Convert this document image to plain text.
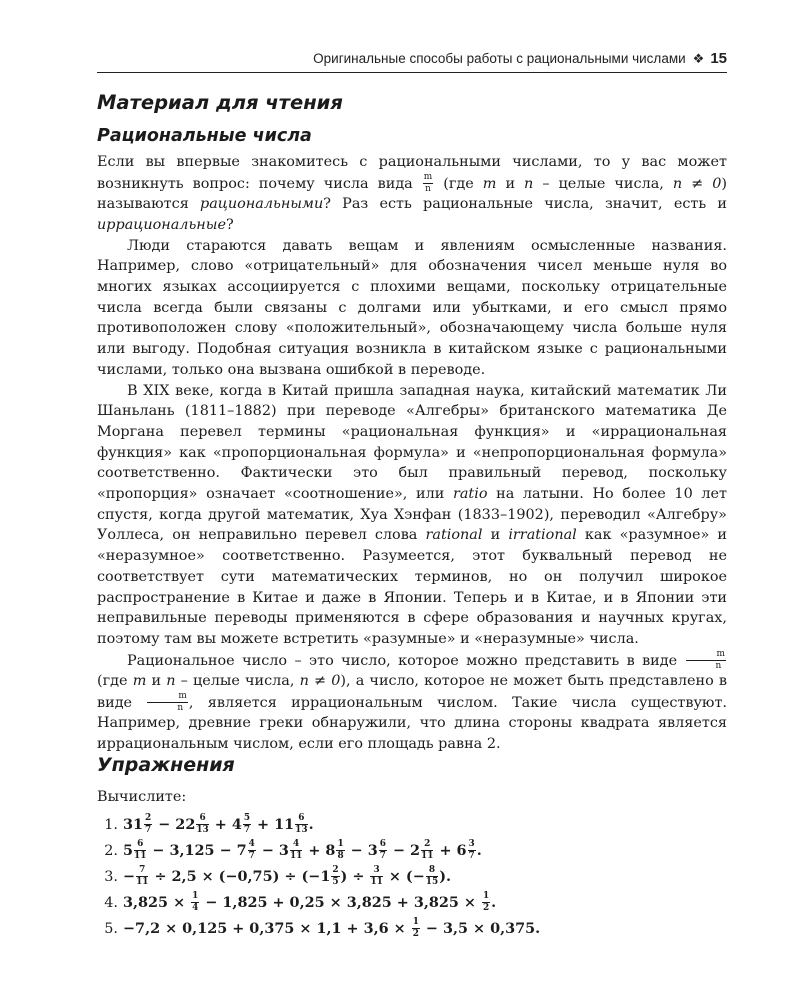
Оригинальные способы работы с рациональными числами ❖ 15
Материал для чтения
Рациональные числа

Если вы впервые знакомитесь с рациональными числами, то у вас может возникнуть вопрос: почему числа вида $\frac{m}{n} (где$ m и n – целые числа, n ≠ 0) называются рациональными? Раз есть рациональные числа, значит, есть и иррациональные?

Люди стараются давать вещам и явлениям осмысленные названия. Например, слово «отрицательный» для обозначения чисел меньше нуля во многих языках ассоциируется с плохими вещами, поскольку отрицательные числа всегда были связаны с долгами или убытками, и его смысл прямо противоположен слову «положительный», обозначающему числа больше нуля или выгоду. Подобная ситуация возникла в китайском языке с рациональными числами, только она вызвана ошибкой в переводе.

В XIX веке, когда в Китай пришла западная наука, китайский математик Ли Шаньлань (1811–1882) при переводе «Алгебры» британского математика Де Моргана перевел термины «рациональная функция» и «иррациональная функция» как «пропорциональная формула» и «непропорциональная формула» соответственно. Фактически это был правильный перевод, поскольку «пропорция» означает «соотношение», или ratio на латыни. Но более 10 лет спустя, когда другой математик, Хуа Хэнфан (1833–1902), переводил «Алгебру» Уоллеса, он неправильно перевел слова rational и irrational как «разумное» и «неразумное» соответственно. Разумеется, этот буквальный перевод не соответствует сути математических терминов, но он получил широкое распространение в Китае и даже в Японии. Теперь и в Китае, и в Японии эти неправильные переводы применяются в сфере образования и научных кругах, поэтому там вы можете встретить «разумные» и «неразумные» числа.

Рациональное число – это число, которое можно представить в виде $\frac{m}{n}$
(где m и n – целые числа, n ≠ 0), а число, которое не может быть представлено в виде $\frac{m}{n}$ , является иррациональным числом. Такие числа существуют. Например, древние греки обнаружили, что длина стороны квадрата является иррациональным числом, если его площадь равна 2.

Упражнения
Вычислите:
1. $31 \frac{2}{7} - 22 \frac{6}{13} + 4 \frac{5}{7} + 11 \frac{6}{13}$ .
2. $5 \frac{6}{11} - 3,125 - 7 \frac{4}{7} - 3 \frac{4}{11} + 8 \frac{1}{8} - 3 \frac{6}{7} - 2 \frac{2}{11} + 6 \frac{3}{7}$ .
3. − $\frac{7}{11} \div 2,5 \times (-0,75) \div (-1 \frac{2}{5}$ ) ÷ $\frac{3}{11}$ × (− $\frac{8}{15}$ ).
4. $3,825 \times \frac{1}{4} - 1,825 + 0,25 \times 3,825 + 3,825 \times \frac{1}{2}$ .
5. $-7,2 \times 0,125 + 0,375 \times 1,1 + 3,6 \times \frac{1}{2} - 3,5 \times 0,375$.
